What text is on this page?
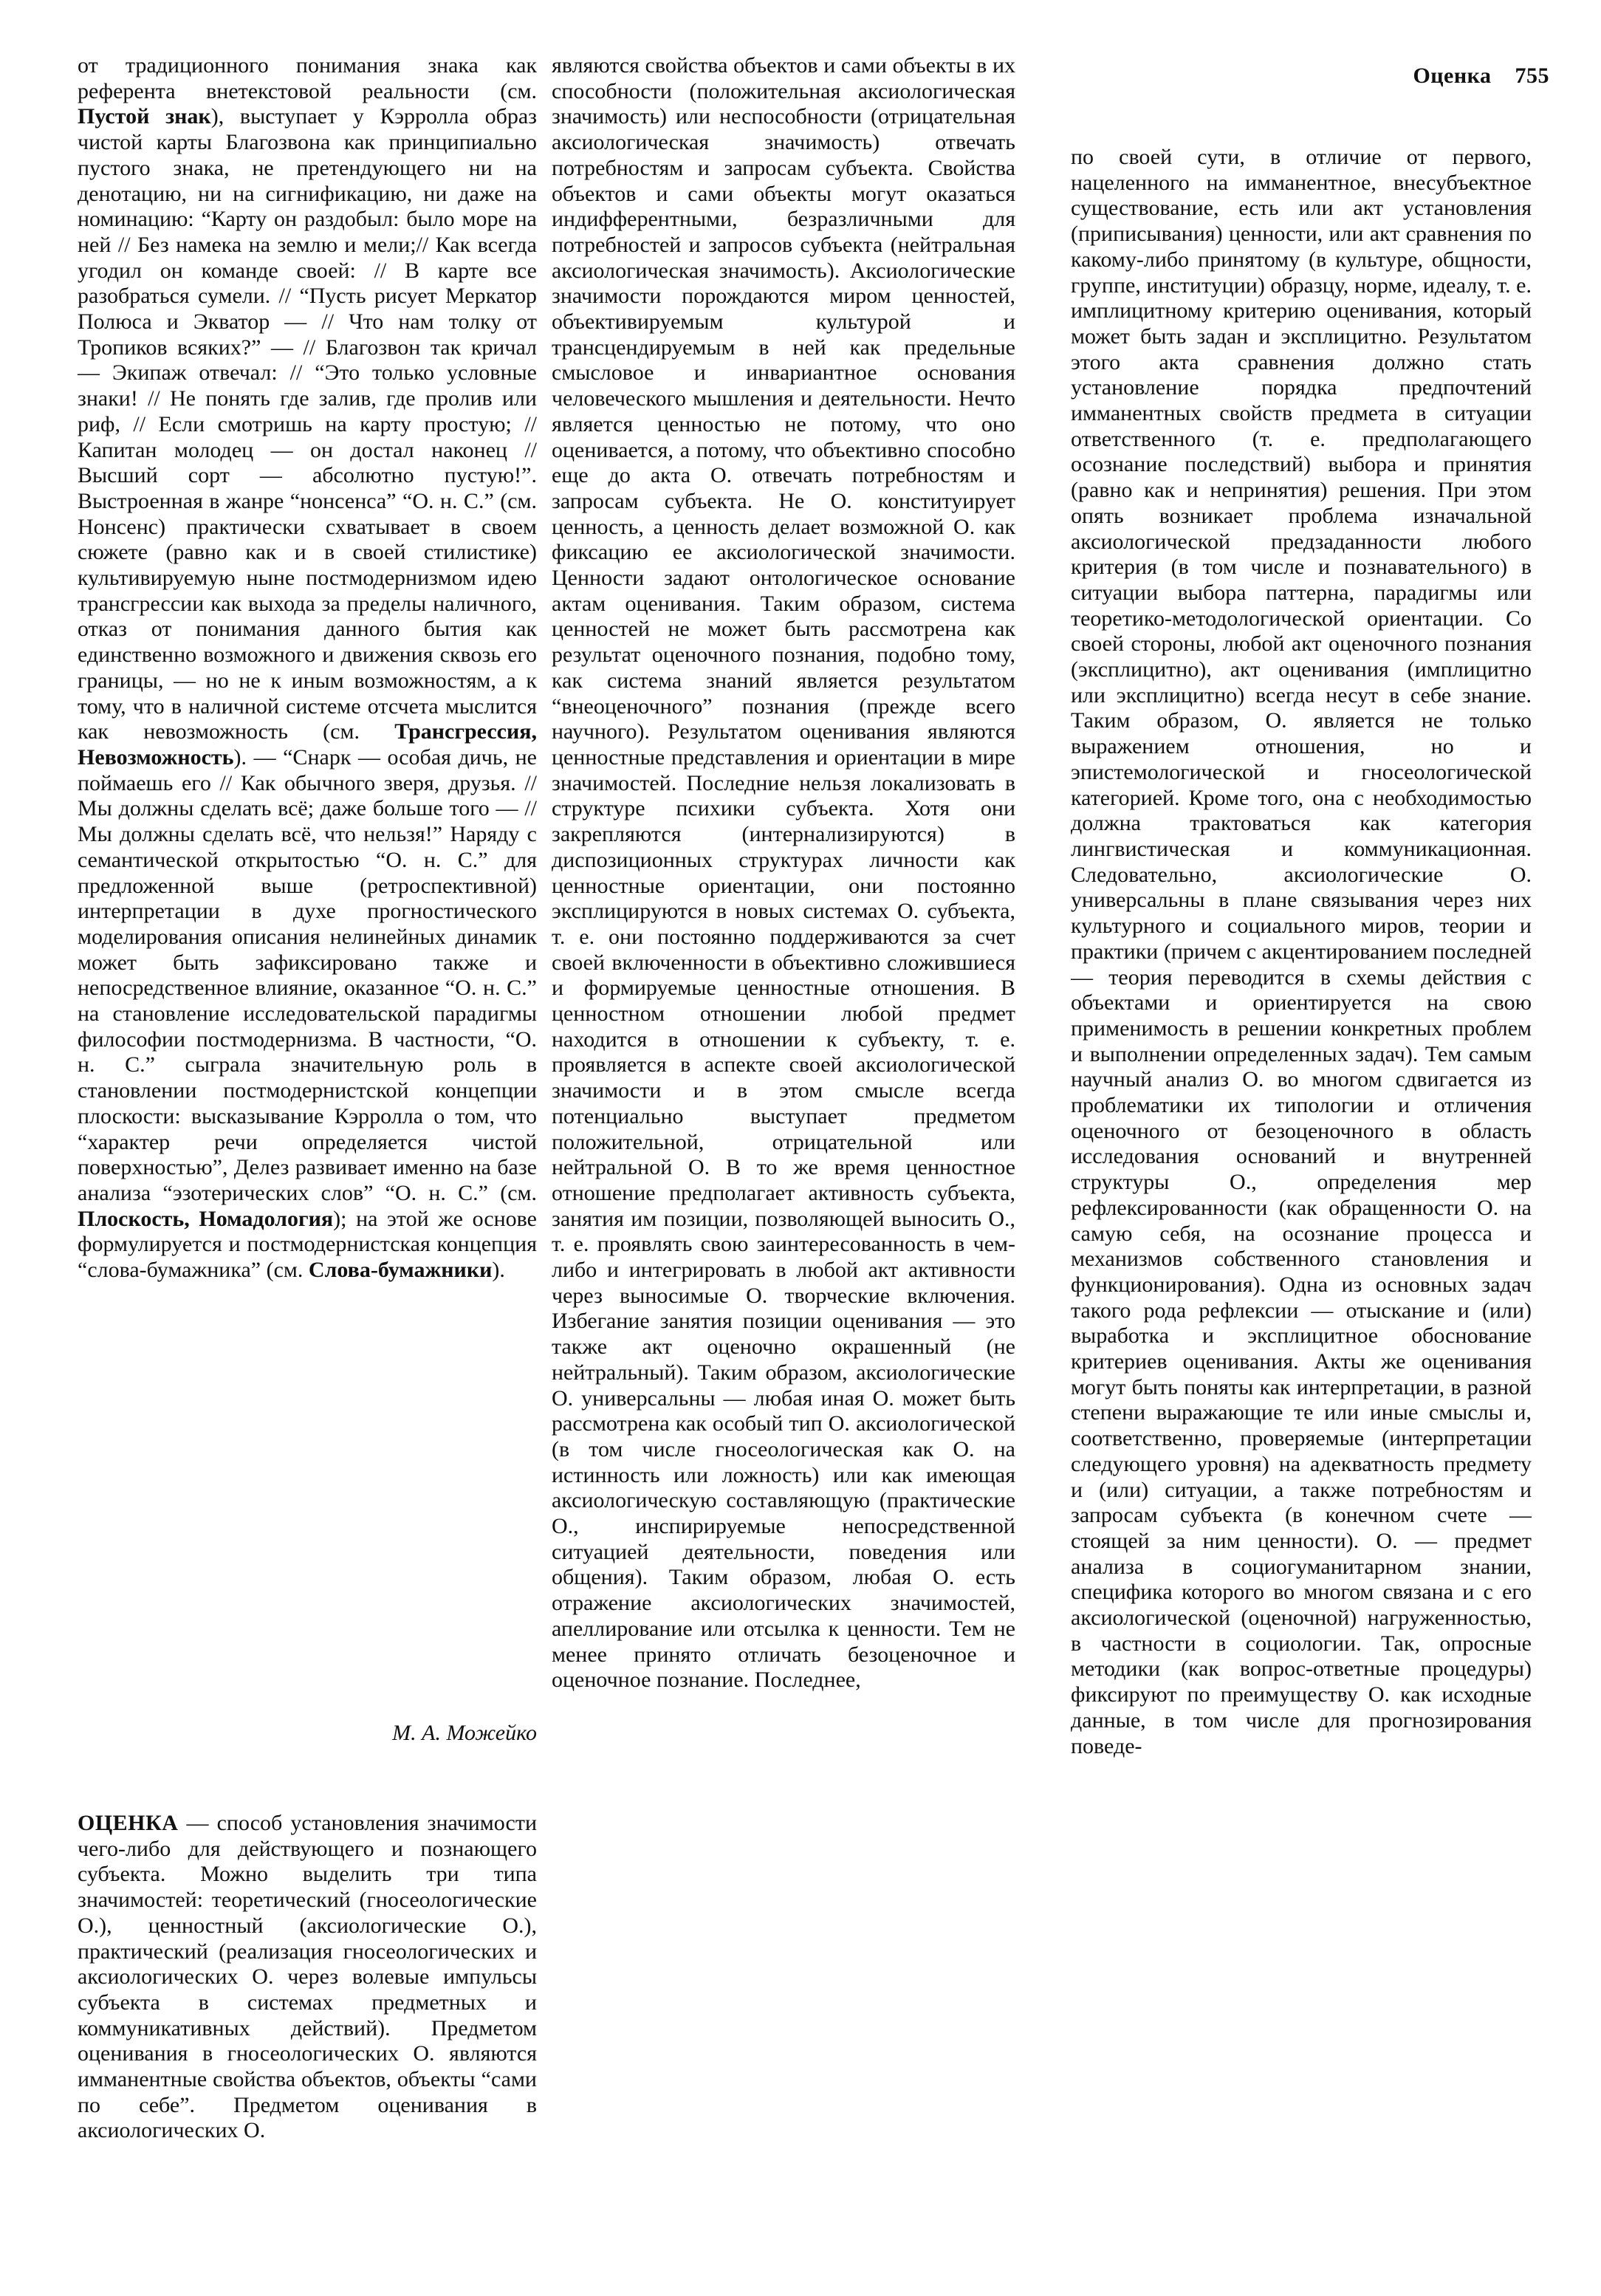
Оценка 755

от традиционного понимания знака как референта внетекстовой реальности (см. Пустой знак), выступает у Кэрролла образ чистой карты Благозвона как принципиально пустого знака, не претендующего ни на денотацию, ни на сигнификацию, ни даже на номинацию: “Карту он раздобыл: было море на ней // Без намека на землю и мели;// Как всегда угодил он команде своей: // В карте все разобраться сумели. // “Пусть рисует Меркатор Полюса и Экватор — // Что нам толку от Тропиков всяких?” — // Благозвон так кричал — Экипаж отвечал: // “Это только условные знаки! // Не понять где залив, где пролив или риф, // Если смотришь на карту простую; // Капитан молодец — он достал наконец // Высший сорт — абсолютно пустую!”. Выстроенная в жанре “нонсенса” “О. н. С.” (см. Нонсенс) практически схватывает в своем сюжете (равно как и в своей стилистике) культивируемую ныне постмодернизмом идею трансгрессии как выхода за пределы наличного, отказ от понимания данного бытия как единственно возможного и движения сквозь его границы, — но не к иным возможностям, а к тому, что в наличной системе отсчета мыслится как невозможность (см. Трансгрессия, Невозможность). — “Снарк — особая дичь, не поймаешь его // Как обычного зверя, друзья. // Мы должны сделать всё; даже больше того — // Мы должны сделать всё, что нельзя!” Наряду с семантической открытостью “О. н. С.” для предложенной выше (ретроспективной) интерпретации в духе прогностического моделирования описания нелинейных динамик может быть зафиксировано также и непосредственное влияние, оказанное “О. н. С.” на становление исследовательской парадигмы философии постмодернизма. В частности, “О. н. С.” сыграла значительную роль в становлении постмодернистской концепции плоскости: высказывание Кэрролла о том, что “характер речи определяется чистой поверхностью”, Делез развивает именно на базе анализа “эзотерических слов” “О. н. С.” (см. Плоскость, Номадология); на этой же основе формулируется и постмодернистская концепция “слова-бумажника” (см. Слова-бумажники).

М. А. Можейко

ОЦЕНКА — способ установления значимости чего-либо для действующего и познающего субъекта. Можно выделить три типа значимостей: теоретический (гносеологические О.), ценностный (аксиологические О.), практический (реализация гносеологических и аксиологических О. через волевые импульсы субъекта в системах предметных и коммуникативных действий). Предметом оценивания в гносеологических О. являются имманентные свойства объектов, объекты “сами по себе”. Предметом оценивания в аксиологических О.

являются свойства объектов и сами объекты в их способности (положительная аксиологическая значимость) или неспособности (отрицательная аксиологическая значимость) отвечать потребностям и запросам субъекта. Свойства объектов и сами объекты могут оказаться индифферентными, безразличными для потребностей и запросов субъекта (нейтральная аксиологическая значимость). Аксиологические значимости порождаются миром ценностей, объективируемым культурой и трансцендируемым в ней как предельные смысловое и инвариантное основания человеческого мышления и деятельности. Нечто является ценностью не потому, что оно оценивается, а потому, что объективно способно еще до акта О. отвечать потребностям и запросам субъекта. Не О. конституирует ценность, а ценность делает возможной О. как фиксацию ее аксиологической значимости. Ценности задают онтологическое основание актам оценивания. Таким образом, система ценностей не может быть рассмотрена как результат оценочного познания, подобно тому, как система знаний является результатом “внеоценочного” познания (прежде всего научного). Результатом оценивания являются ценностные представления и ориентации в мире значимостей. Последние нельзя локализовать в структуре психики субъекта. Хотя они закрепляются (интернализируются) в диспозиционных структурах личности как ценностные ориентации, они постоянно эксплицируются в новых системах О. субъекта, т. е. они постоянно поддерживаются за счет своей включенности в объективно сложившиеся и формируемые ценностные отношения. В ценностном отношении любой предмет находится в отношении к субъекту, т. е. проявляется в аспекте своей аксиологической значимости и в этом смысле всегда потенциально выступает предметом положительной, отрицательной или нейтральной О. В то же время ценностное отношение предполагает активность субъекта, занятия им позиции, позволяющей выносить О., т. е. проявлять свою заинтересованность в чем-либо и интегрировать в любой акт активности через выносимые О. творческие включения. Избегание занятия позиции оценивания — это также акт оценочно окрашенный (не нейтральный). Таким образом, аксиологические О. универсальны — любая иная О. может быть рассмотрена как особый тип О. аксиологической (в том числе гносеологическая как О. на истинность или ложность) или как имеющая аксиологическую составляющую (практические О., инспирируемые непосредственной ситуацией деятельности, поведения или общения). Таким образом, любая О. есть отражение аксиологических значимостей, апеллирование или отсылка к ценности. Тем не менее принято отличать безоценочное и оценочное познание. Последнее,

по своей сути, в отличие от первого, нацеленного на имманентное, внесубъектное существование, есть или акт установления (приписывания) ценности, или акт сравнения по какому-либо принятому (в культуре, общности, группе, институции) образцу, норме, идеалу, т. е. имплицитному критерию оценивания, который может быть задан и эксплицитно. Результатом этого акта сравнения должно стать установление порядка предпочтений имманентных свойств предмета в ситуации ответственного (т. е. предполагающего осознание последствий) выбора и принятия (равно как и непринятия) решения. При этом опять возникает проблема изначальной аксиологической предзаданности любого критерия (в том числе и познавательного) в ситуации выбора паттерна, парадигмы или теоретико-методологической ориентации. Со своей стороны, любой акт оценочного познания (эксплицитно), акт оценивания (имплицитно или эксплицитно) всегда несут в себе знание. Таким образом, О. является не только выражением отношения, но и эпистемологической и гносеологической категорией. Кроме того, она с необходимостью должна трактоваться как категория лингвистическая и коммуникационная. Следовательно, аксиологические О. универсальны в плане связывания через них культурного и социального миров, теории и практики (причем с акцентированием последней — теория переводится в схемы действия с объектами и ориентируется на свою применимость в решении конкретных проблем и выполнении определенных задач). Тем самым научный анализ О. во многом сдвигается из проблематики их типологии и отличения оценочного от безоценочного в область исследования оснований и внутренней структуры О., определения мер рефлексированности (как обращенности О. на самую себя, на осознание процесса и механизмов собственного становления и функционирования). Одна из основных задач такого рода рефлексии — отыскание и (или) выработка и эксплицитное обоснование критериев оценивания. Акты же оценивания могут быть поняты как интерпретации, в разной степени выражающие те или иные смыслы и, соответственно, проверяемые (интерпретации следующего уровня) на адекватность предмету и (или) ситуации, а также потребностям и запросам субъекта (в конечном счете — стоящей за ним ценности). О. — предмет анализа в социогуманитарном знании, специфика которого во многом связана и с его аксиологической (оценочной) нагруженностью, в частности в социологии. Так, опросные методики (как вопрос-ответные процедуры) фиксируют по преимуществу О. как исходные данные, в том числе для прогнозирования поведе-
